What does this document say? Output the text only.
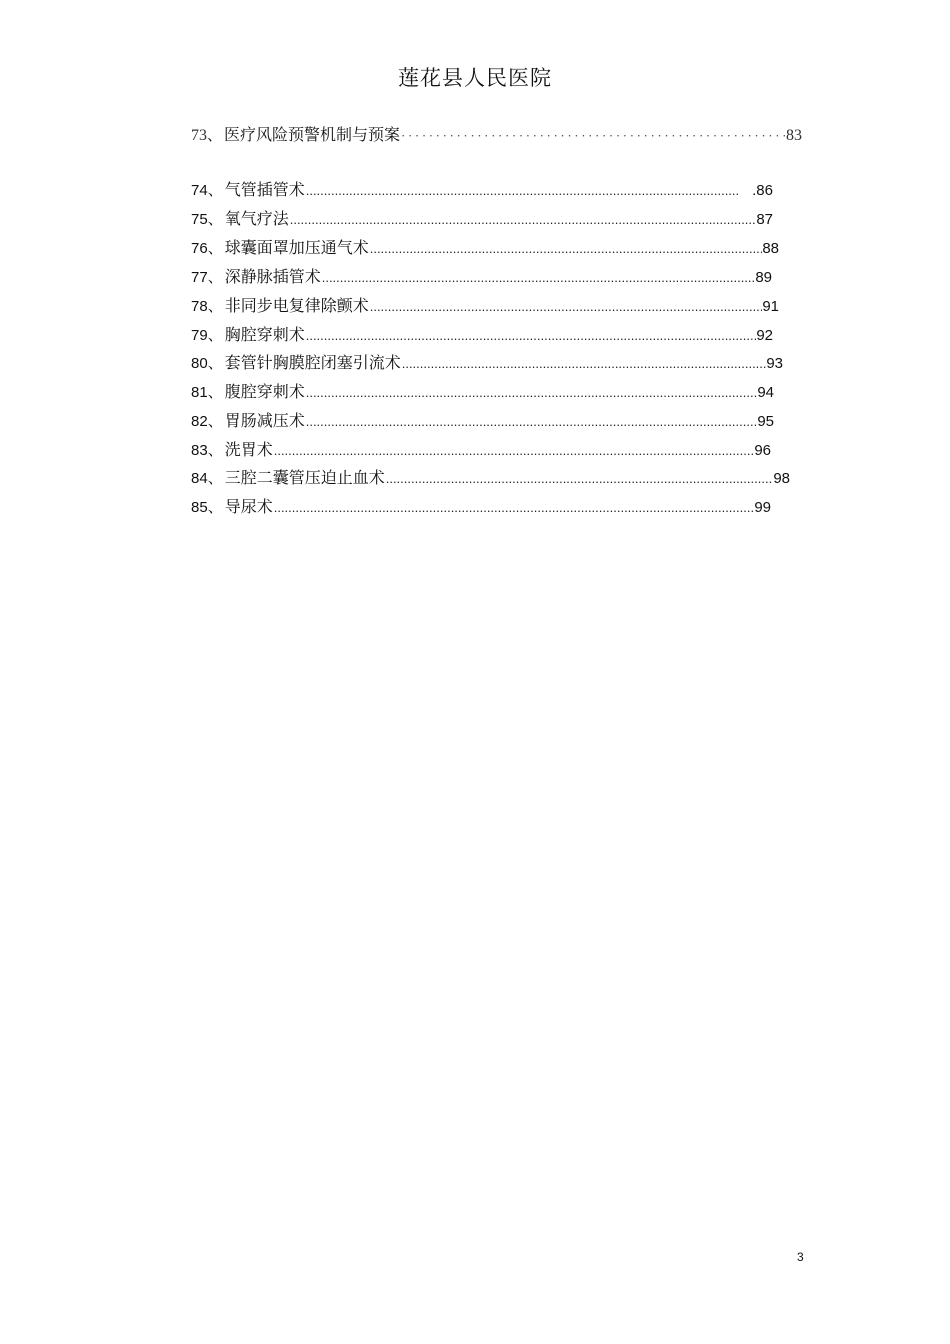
莲花县人民医院
73 、 医疗风险预警机制与预案 ·····	83
74 、 气管插管术 .....	.86
75 、 氧气疗法 .....	87
76 、 球囊面罩加压通气术 .....	88
77 、 深静脉插管术 .....	89
78 、 非同步电复律除颤术 .....	91
79 、 胸腔穿刺术 .....	92
80 、 套管针胸膜腔闭塞引流术 .....	93
81 、 腹腔穿刺术 .....	94
82 、 胃肠减压术 .....	95
83 、 洗胃术 .....	96
84 、 三腔二囊管压迫止血术 .....	98
85 、 导尿术 .....	99
3
